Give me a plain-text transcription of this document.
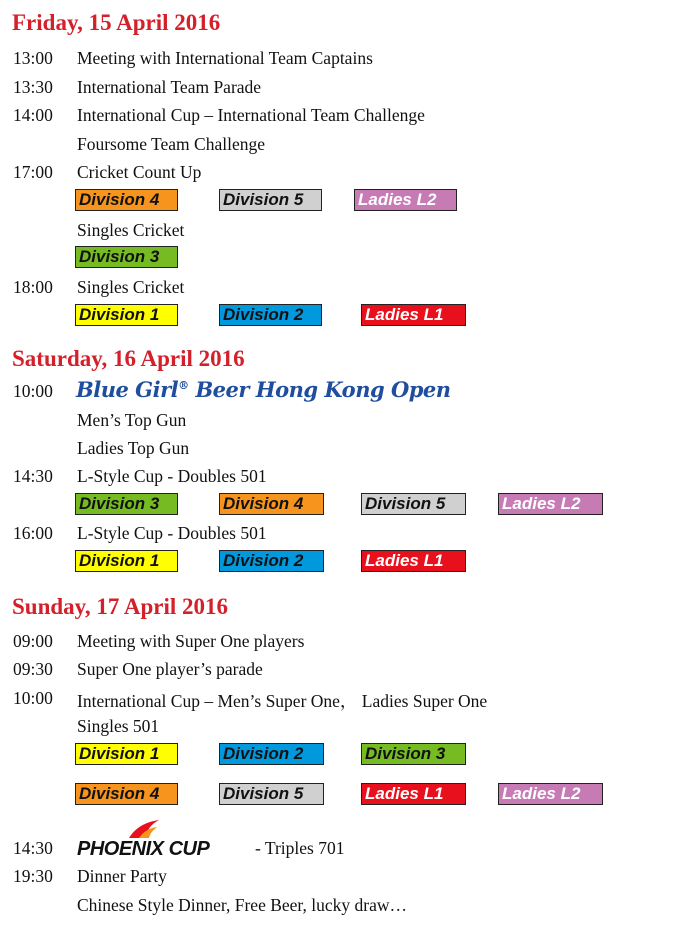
Friday, 15 April 2016
13:00 Meeting with International Team Captains
13:30 International Team Parade
14:00 International Cup – International Team Challenge
Foursome Team Challenge
17:00 Cricket Count Up
Division 4	Division 5	Ladies L2
Singles Cricket
Division 3
18:00 Singles Cricket
Division 1	Division 2	Ladies L1
Saturday, 16 April 2016
10:00 Blue Girl® Beer Hong Kong Open
Men’s Top Gun
Ladies Top Gun
14:30 L-Style Cup - Doubles 501
Division 3	Division 4	Division 5	Ladies L2
16:00 L-Style Cup - Doubles 501
Division 1	Division 2	Ladies L1
Sunday, 17 April 2016
09:00 Meeting with Super One players
09:30 Super One player’s parade
10:00 International Cup – Men’s Super One， Ladies Super One
Singles 501
Division 1	Division 2	Division 3
Division 4	Division 5	Ladies L1	Ladies L2
14:30 PHOENIX CUP	- Triples 701
19:30 Dinner Party
Chinese Style Dinner, Free Beer, lucky draw…
